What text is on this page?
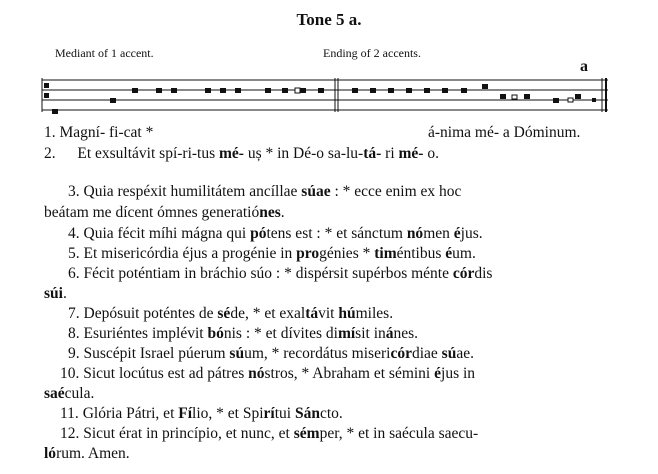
Tone 5 a.
Mediant of 1 accent.	Ending of 2 accents.
a
1. Magní- fi-cat *	á-nima mé- a Dóminum.
2. Et exsultávit spí-ri-tus mé- uș * in Dé-o sa-lu-tá- ri mé- o.
3. Quia respéxit humilitátem ancíllae súae : * ecce enim ex hoc
beátam me dícent ómnes generatiónes.
4. Quia fécit míhi mágna qui pótens est : * et sánctum nómen éjus.
5. Et misericórdia éjus a progénie in progénies * timéntibus éum.
6. Fécit poténtiam in bráchio súo : * dispérsit supérbos ménte córdis
súi.
7. Depósuit poténtes de séde, * et exaltávit húmiles.
8. Esuriéntes implévit bónis : * et dívites dimísit inánes.
9. Suscépit Israel púerum súum, * recordátus misericórdiae súae.
10. Sicut locútus est ad pátres nóstros, * Abraham et sémini éjus in
saécula.
11. Glória Pátri, et Fílio, * et Spirítui Sáncto.
12. Sicut érat in princípio, et nunc, et sémper, * et in saécula saecu-
lórum. Amen.
